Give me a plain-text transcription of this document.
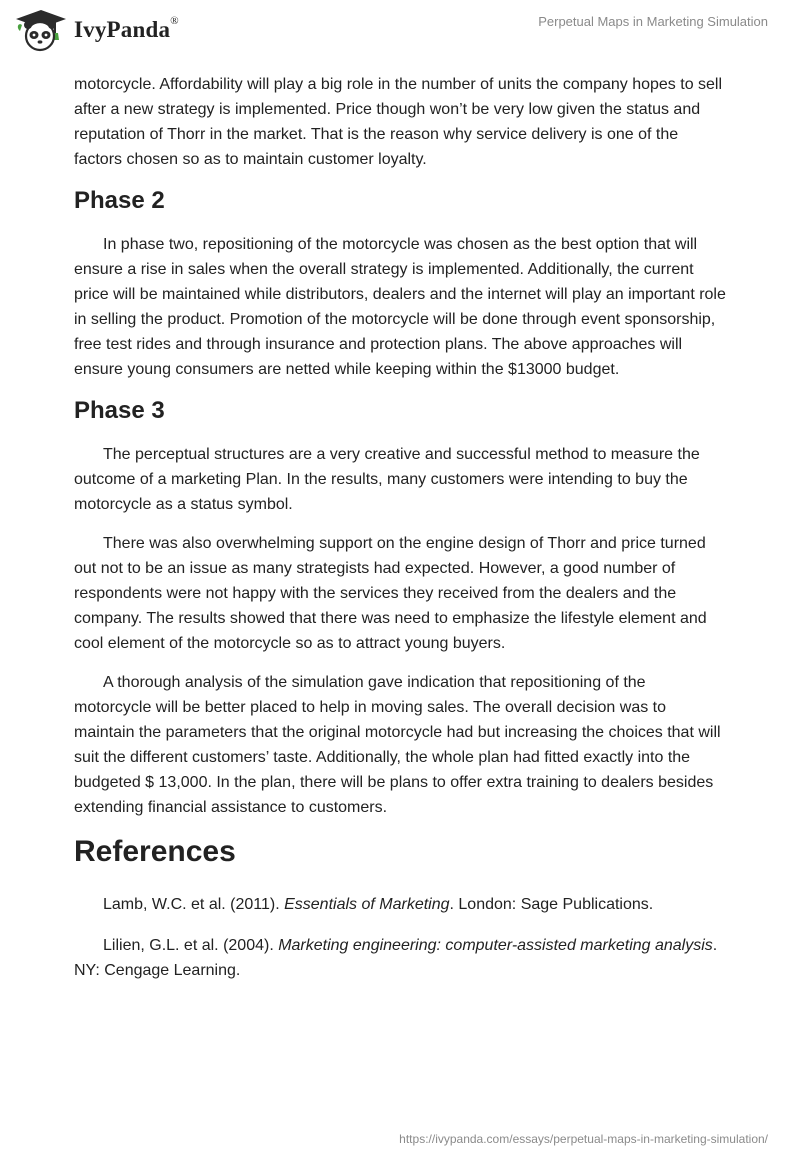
IvyPanda®	Perpetual Maps in Marketing Simulation

motorcycle. Affordability will play a big role in the number of units the company hopes to sell after a new strategy is implemented. Price though won’t be very low given the status and reputation of Thorr in the market. That is the reason why service delivery is one of the factors chosen so as to maintain customer loyalty.

Phase 2

In phase two, repositioning of the motorcycle was chosen as the best option that will ensure a rise in sales when the overall strategy is implemented. Additionally, the current price will be maintained while distributors, dealers and the internet will play an important role in selling the product. Promotion of the motorcycle will be done through event sponsorship, free test rides and through insurance and protection plans. The above approaches will ensure young consumers are netted while keeping within the $13000 budget.

Phase 3

The perceptual structures are a very creative and successful method to measure the outcome of a marketing Plan. In the results, many customers were intending to buy the motorcycle as a status symbol.

There was also overwhelming support on the engine design of Thorr and price turned out not to be an issue as many strategists had expected. However, a good number of respondents were not happy with the services they received from the dealers and the company. The results showed that there was need to emphasize the lifestyle element and cool element of the motorcycle so as to attract young buyers.

A thorough analysis of the simulation gave indication that repositioning of the motorcycle will be better placed to help in moving sales. The overall decision was to maintain the parameters that the original motorcycle had but increasing the choices that will suit the different customers’ taste. Additionally, the whole plan had fitted exactly into the budgeted $ 13,000. In the plan, there will be plans to offer extra training to dealers besides extending financial assistance to customers.

References

Lamb, W.C. et al. (2011). Essentials of Marketing. London: Sage Publications.

Lilien, G.L. et al. (2004). Marketing engineering: computer-assisted marketing analysis. NY: Cengage Learning.

https://ivypanda.com/essays/perpetual-maps-in-marketing-simulation/
